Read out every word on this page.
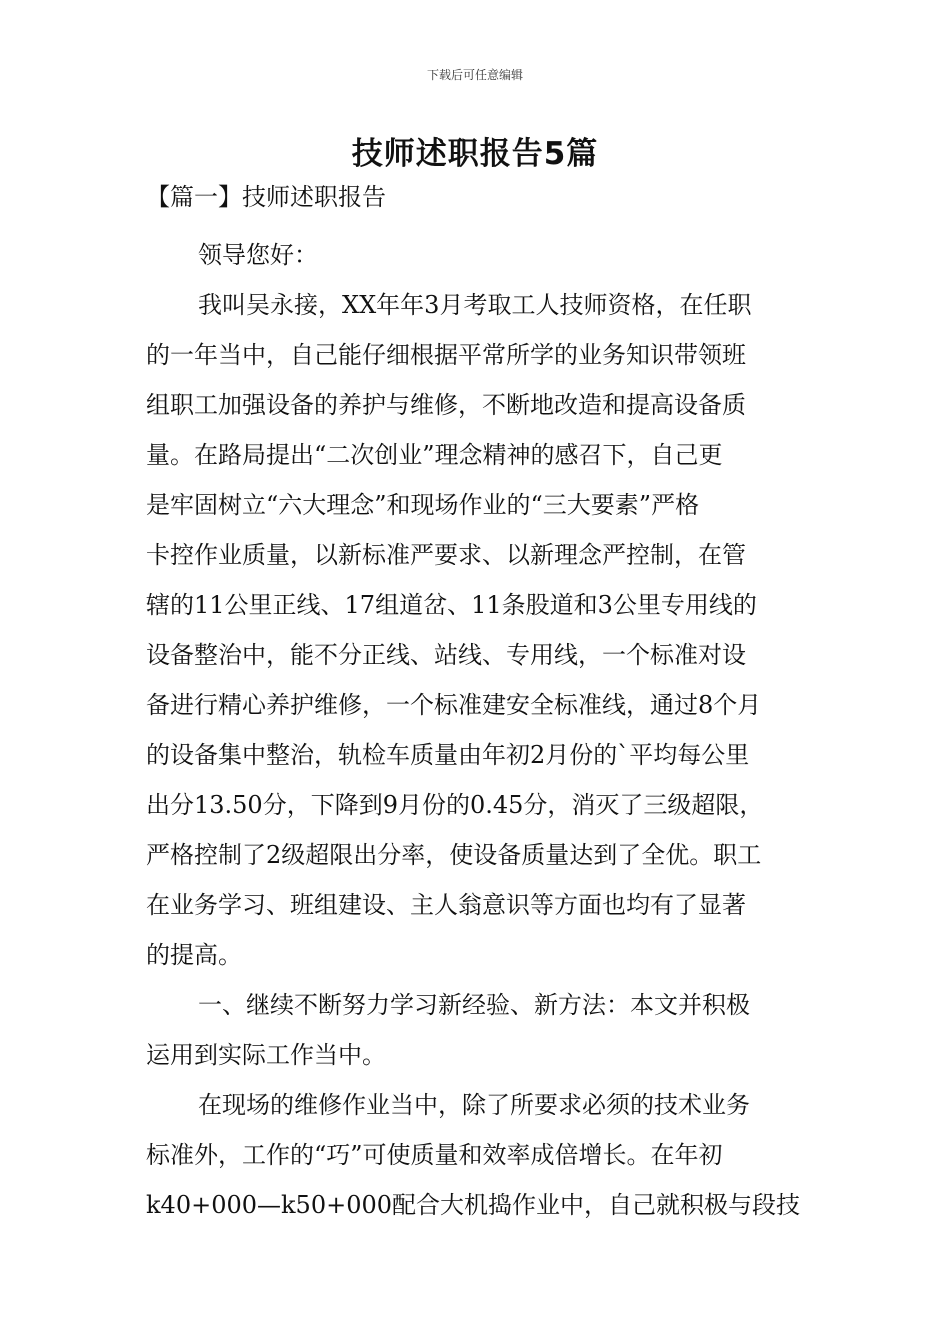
下载后可任意编辑
技师述职报告5篇
【篇一】技师述职报告
领导您好：
我叫吴永接，XX年年3月考取工人技师资格，在任职
的一年当中，自己能仔细根据平常所学的业务知识带领班
组职工加强设备的养护与维修，不断地改造和提高设备质
量。在路局提出“二次创业”理念精神的感召下，自己更
是牢固树立“六大理念”和现场作业的“三大要素”严格
卡控作业质量，以新标准严要求、以新理念严控制，在管
辖的11公里正线、17组道岔、11条股道和3公里专用线的
设备整治中，能不分正线、站线、专用线，一个标准对设
备进行精心养护维修，一个标准建安全标准线，通过8个月
的设备集中整治，轨检车质量由年初2月份的`平均每公里
出分13.50分，下降到9月份的0.45分，消灭了三级超限，
严格控制了2级超限出分率，使设备质量达到了全优。职工
在业务学习、班组建设、主人翁意识等方面也均有了显著
的提高。
一、继续不断努力学习新经验、新方法：本文并积极
运用到实际工作当中。
在现场的维修作业当中，除了所要求必须的技术业务
标准外，工作的“巧”可使质量和效率成倍增长。在年初
k40+000—k50+000配合大机捣作业中，自己就积极与段技
